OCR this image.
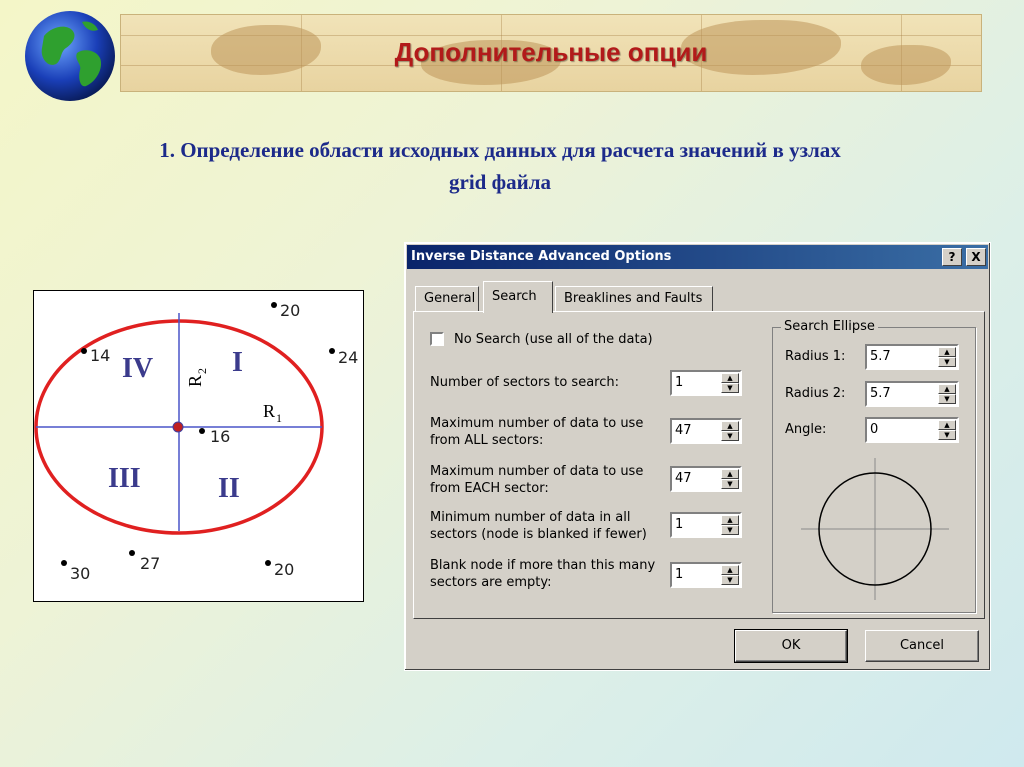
Дополнительные опции
1. Определение области исходных данных для расчета значений в узлах
grid файла
I
II
III
IV
R 1
R
2
20
14	24
16
30
27	20
Inverse Distance Advanced Options	?	X
General	Search	Breaklines and Faults
No Search (use all of the data)
Number of sectors to search:	1	▲
▼
Maximum number of data to use
from ALL sectors:
47	▲
▼
Maximum number of data to use
from EACH sector:
47	▲
▼
Minimum number of data in all
sectors (node is blanked if fewer)
1	▲
▼
Blank node if more than this many
sectors are empty:
1	▲
▼
Search Ellipse
Radius 1: 5.7	▲
▼
Radius 2: 5.7	▲
▼
Angle:	0	▲
▼
OK	Cancel
